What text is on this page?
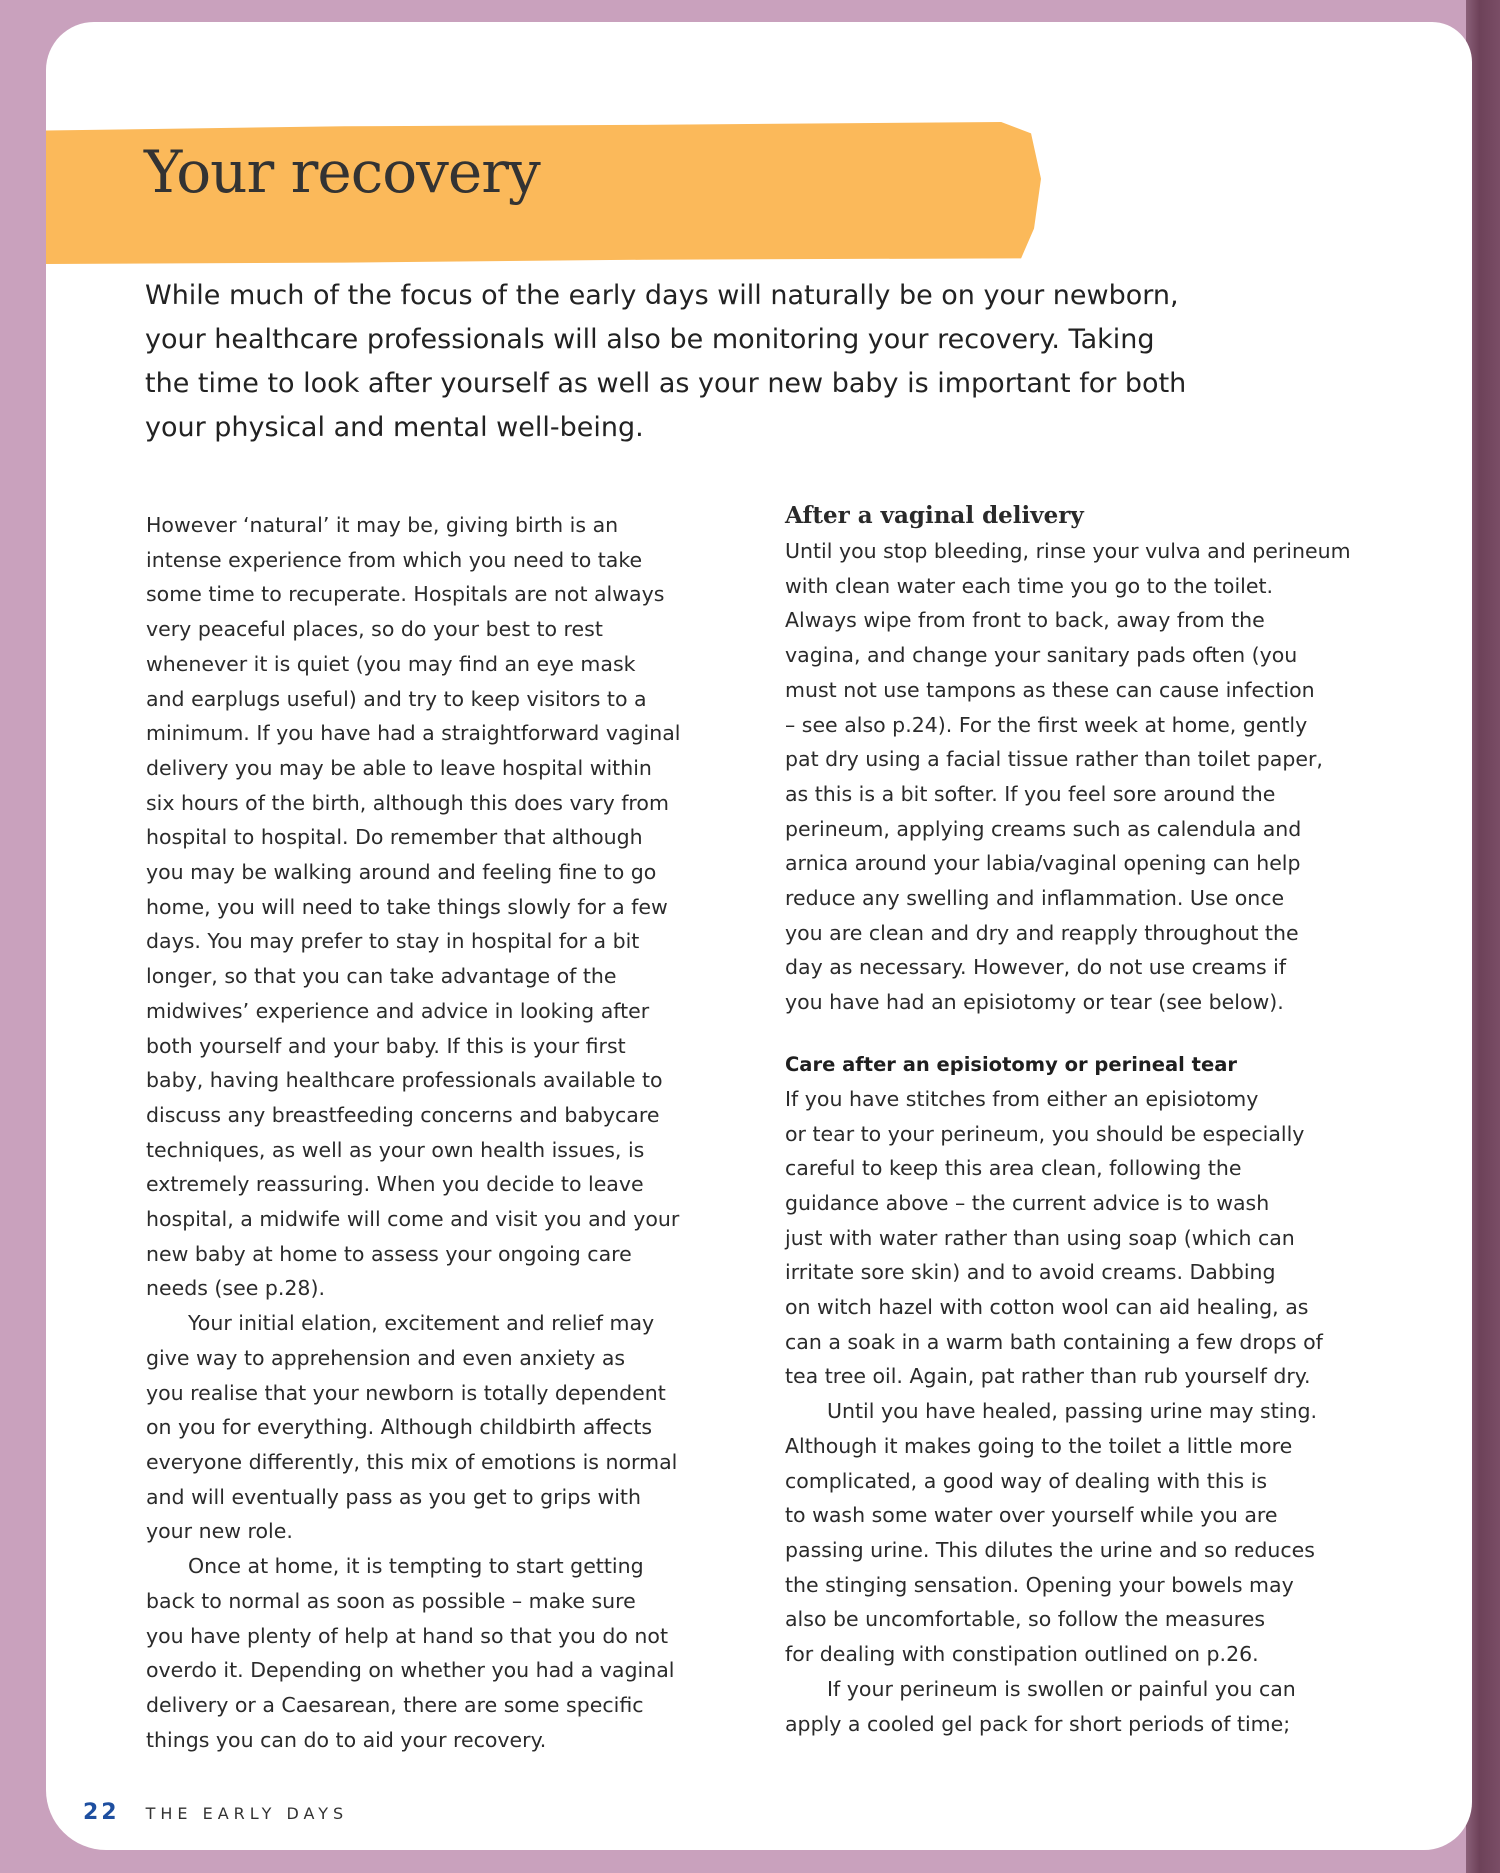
Your recovery
While much of the focus of the early days will naturally be on your newborn,
your healthcare professionals will also be monitoring your recovery. Taking
the time to look after yourself as well as your new baby is important for both
your physical and mental well-being.
However ‘natural’ it may be, giving birth is an
intense experience from which you need to take
some time to recuperate. Hospitals are not always
very peaceful places, so do your best to rest
whenever it is quiet (you may find an eye mask
and earplugs useful) and try to keep visitors to a
minimum. If you have had a straightforward vaginal
delivery you may be able to leave hospital within
six hours of the birth, although this does vary from
hospital to hospital. Do remember that although
you may be walking around and feeling fine to go
home, you will need to take things slowly for a few
days. You may prefer to stay in hospital for a bit
longer, so that you can take advantage of the
midwives’ experience and advice in looking after
both yourself and your baby. If this is your first
baby, having healthcare professionals available to
discuss any breastfeeding concerns and babycare
techniques, as well as your own health issues, is
extremely reassuring. When you decide to leave
hospital, a midwife will come and visit you and your
new baby at home to assess your ongoing care
needs (see p.28).
Your initial elation, excitement and relief may
give way to apprehension and even anxiety as
you realise that your newborn is totally dependent
on you for everything. Although childbirth affects
everyone differently, this mix of emotions is normal
and will eventually pass as you get to grips with
your new role.
Once at home, it is tempting to start getting
back to normal as soon as possible – make sure
you have plenty of help at hand so that you do not
overdo it. Depending on whether you had a vaginal
delivery or a Caesarean, there are some specific
things you can do to aid your recovery.
After a vaginal delivery
Until you stop bleeding, rinse your vulva and perineum
with clean water each time you go to the toilet.
Always wipe from front to back, away from the
vagina, and change your sanitary pads often (you
must not use tampons as these can cause infection
– see also p.24). For the first week at home, gently
pat dry using a facial tissue rather than toilet paper,
as this is a bit softer. If you feel sore around the
perineum, applying creams such as calendula and
arnica around your labia/vaginal opening can help
reduce any swelling and inflammation. Use once
you are clean and dry and reapply throughout the
day as necessary. However, do not use creams if
you have had an episiotomy or tear (see below).
Care after an episiotomy or perineal tear
If you have stitches from either an episiotomy
or tear to your perineum, you should be especially
careful to keep this area clean, following the
guidance above – the current advice is to wash
just with water rather than using soap (which can
irritate sore skin) and to avoid creams. Dabbing
on witch hazel with cotton wool can aid healing, as
can a soak in a warm bath containing a few drops of
tea tree oil. Again, pat rather than rub yourself dry.
Until you have healed, passing urine may sting.
Although it makes going to the toilet a little more
complicated, a good way of dealing with this is
to wash some water over yourself while you are
passing urine. This dilutes the urine and so reduces
the stinging sensation. Opening your bowels may
also be uncomfortable, so follow the measures
for dealing with constipation outlined on p.26.
If your perineum is swollen or painful you can
apply a cooled gel pack for short periods of time;
22 THE EARLY DAYS
